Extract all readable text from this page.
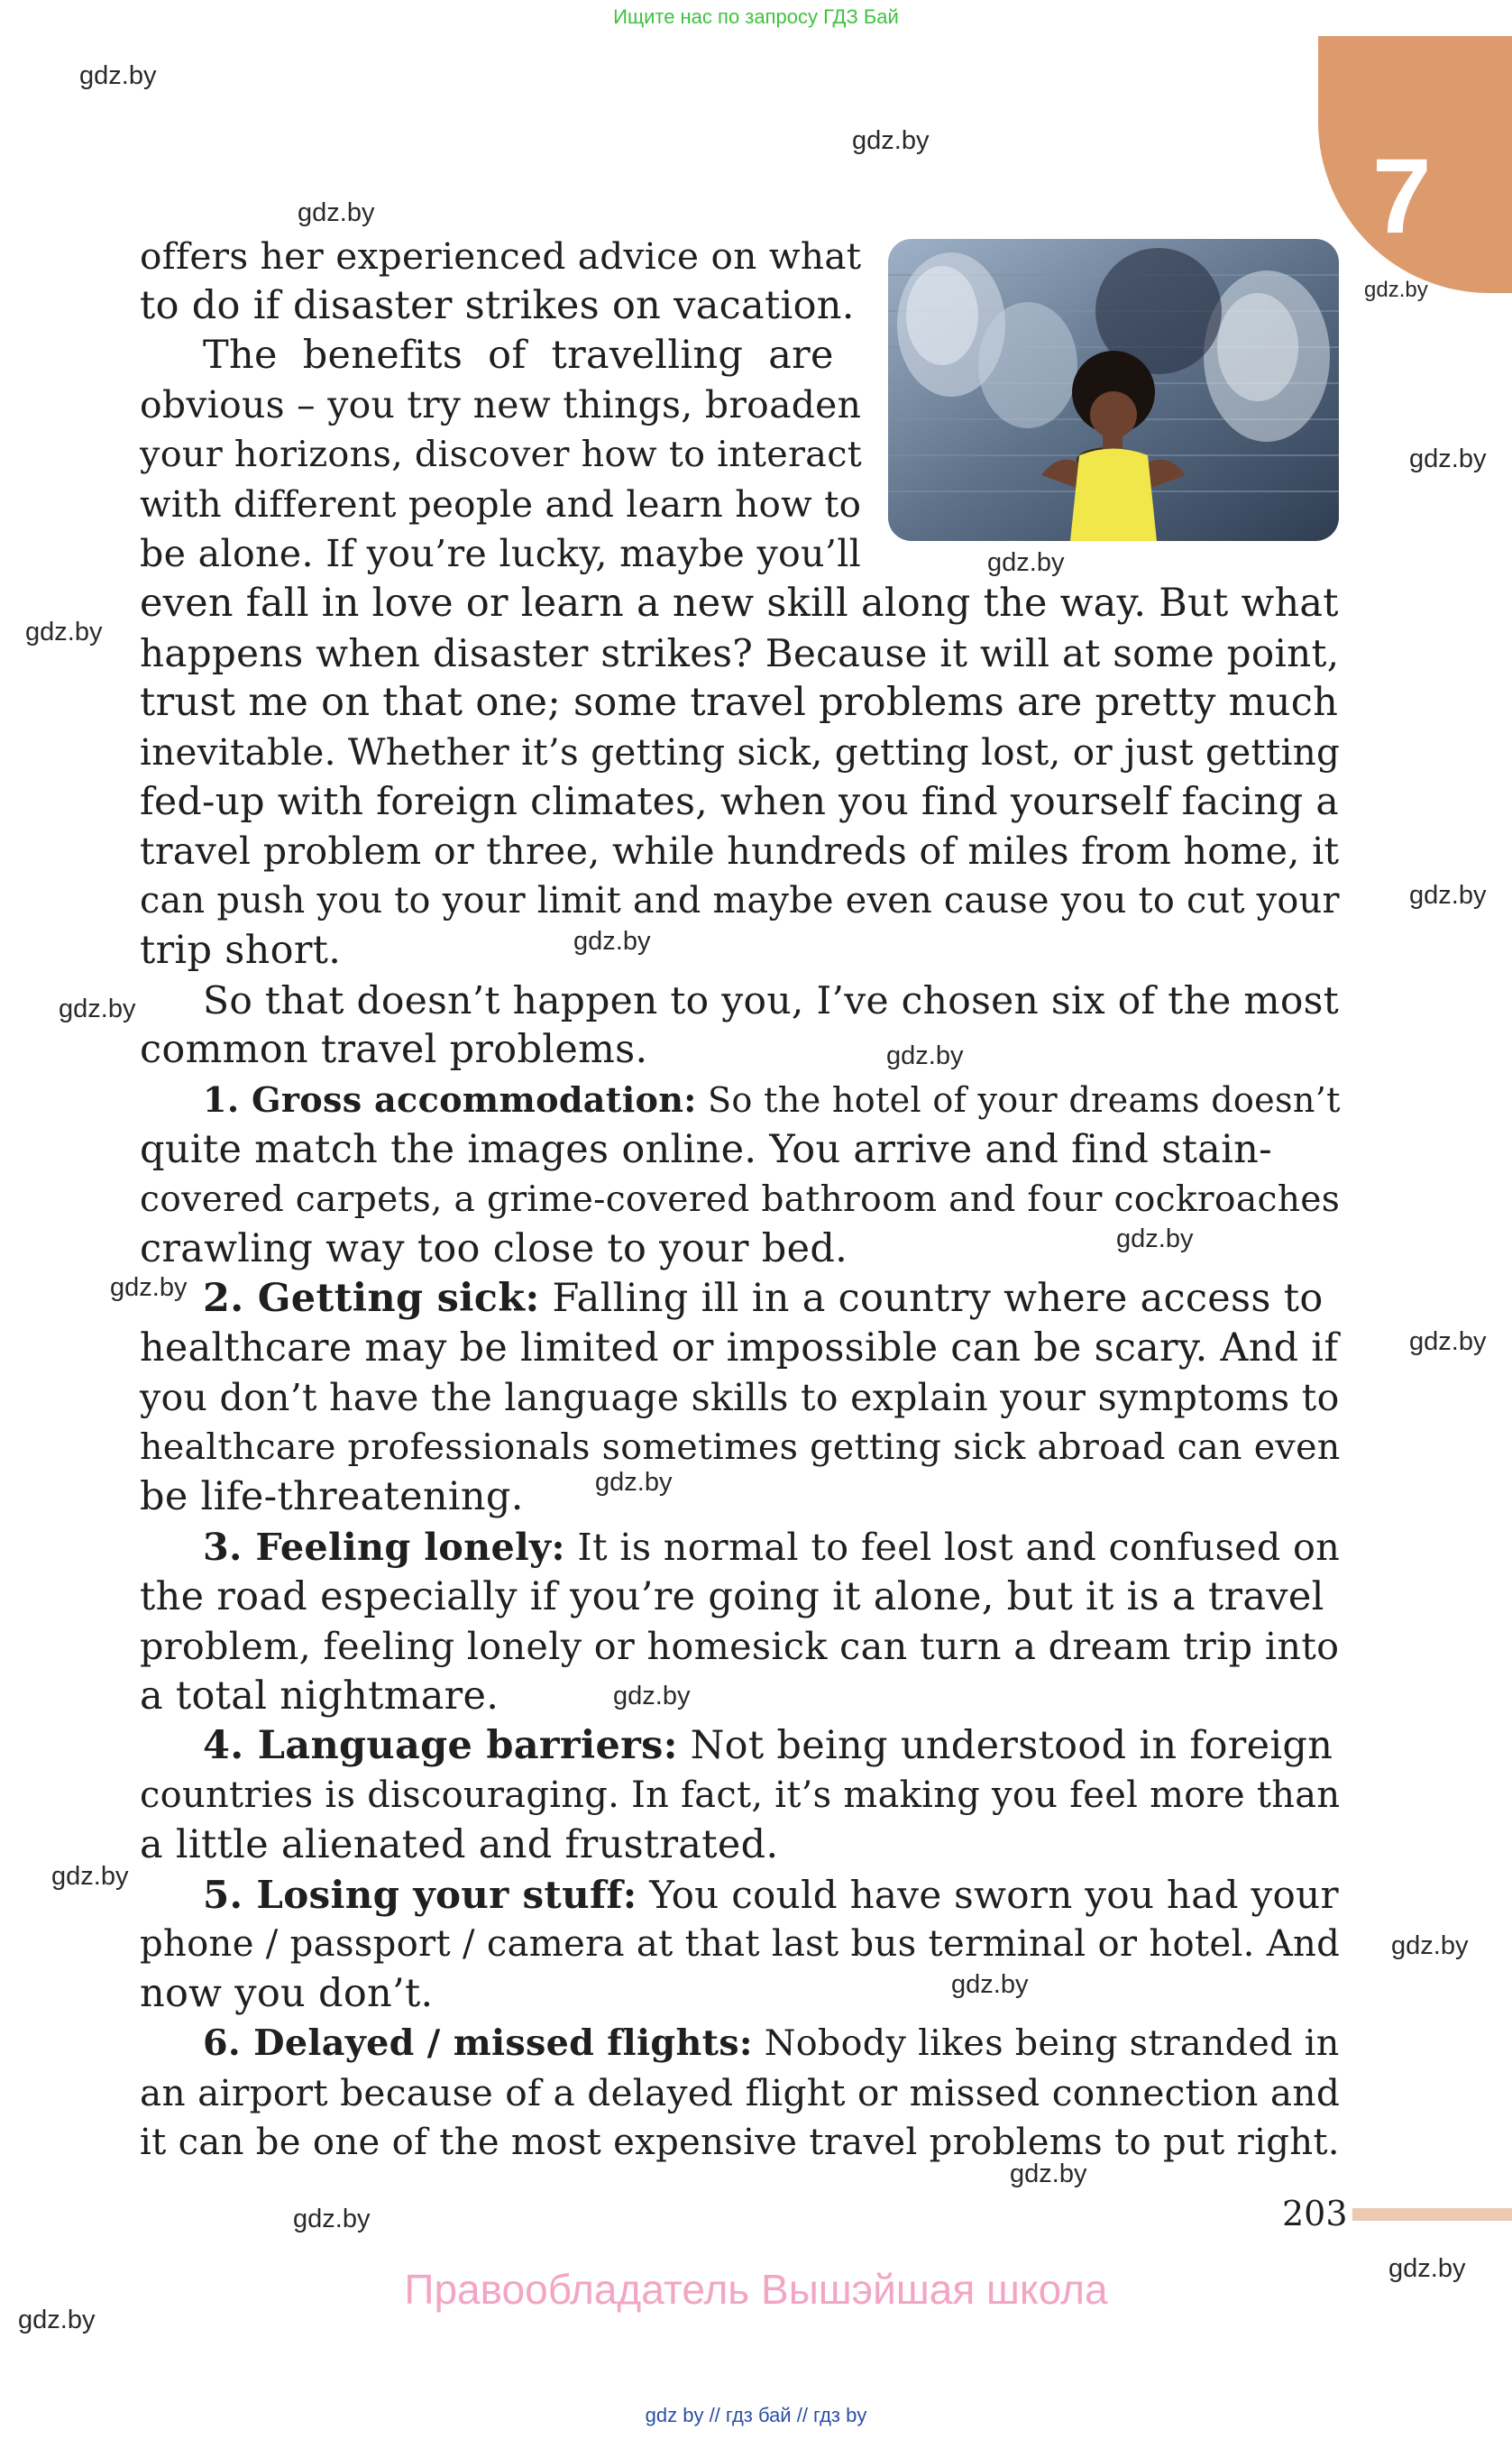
Ищите нас по запросу ГДЗ Бай
7
gdz.by
gdz.by
gdz.by
gdz.by
gdz.by
gdz.by
gdz.by
gdz.by
gdz.by
gdz.by
gdz.by
gdz.by
gdz.by
gdz.by
gdz.by
gdz.by
gdz.by
gdz.by
gdz.by
gdz.by
gdz.by
gdz.by
gdz.by

offers her experienced advice on what

to do if disaster strikes on vacation.

The benefits of travelling are

obvious – you try new things, broaden

your horizons, discover how to interact

with different people and learn how to

be alone. If you’re lucky, maybe you’ll

even fall in love or learn a new skill along the way. But what

happens when disaster strikes? Because it will at some point,

trust me on that one; some travel problems are pretty much

inevitable. Whether it’s getting sick, getting lost, or just getting

fed-up with foreign climates, when you find yourself facing a

travel problem or three, while hundreds of miles from home, it

can push you to your limit and maybe even cause you to cut your

trip short.

So that doesn’t happen to you, I’ve chosen six of the most

common travel problems.

1. Gross accommodation: So the hotel of your dreams doesn’t

quite match the images online. You arrive and find stain-

covered carpets, a grime-covered bathroom and four cockroaches

crawling way too close to your bed.

2. Getting sick: Falling ill in a country where access to

healthcare may be limited or impossible can be scary. And if

you don’t have the language skills to explain your symptoms to

healthcare professionals sometimes getting sick abroad can even

be life-threatening.

3. Feeling lonely: It is normal to feel lost and confused on

the road especially if you’re going it alone, but it is a travel

problem, feeling lonely or homesick can turn a dream trip into

a total nightmare.

4. Language barriers: Not being understood in foreign

countries is discouraging. In fact, it’s making you feel more than

a little alienated and frustrated.

5. Losing your stuff: You could have sworn you had your

phone / passport / camera at that last bus terminal or hotel. And

now you don’t.

6. Delayed / missed flights: Nobody likes being stranded in

an airport because of a delayed flight or missed connection and

it can be one of the most expensive travel problems to put right.

203
Правообладатель Вышэйшая школа
gdz by // гдз бай // гдз by
